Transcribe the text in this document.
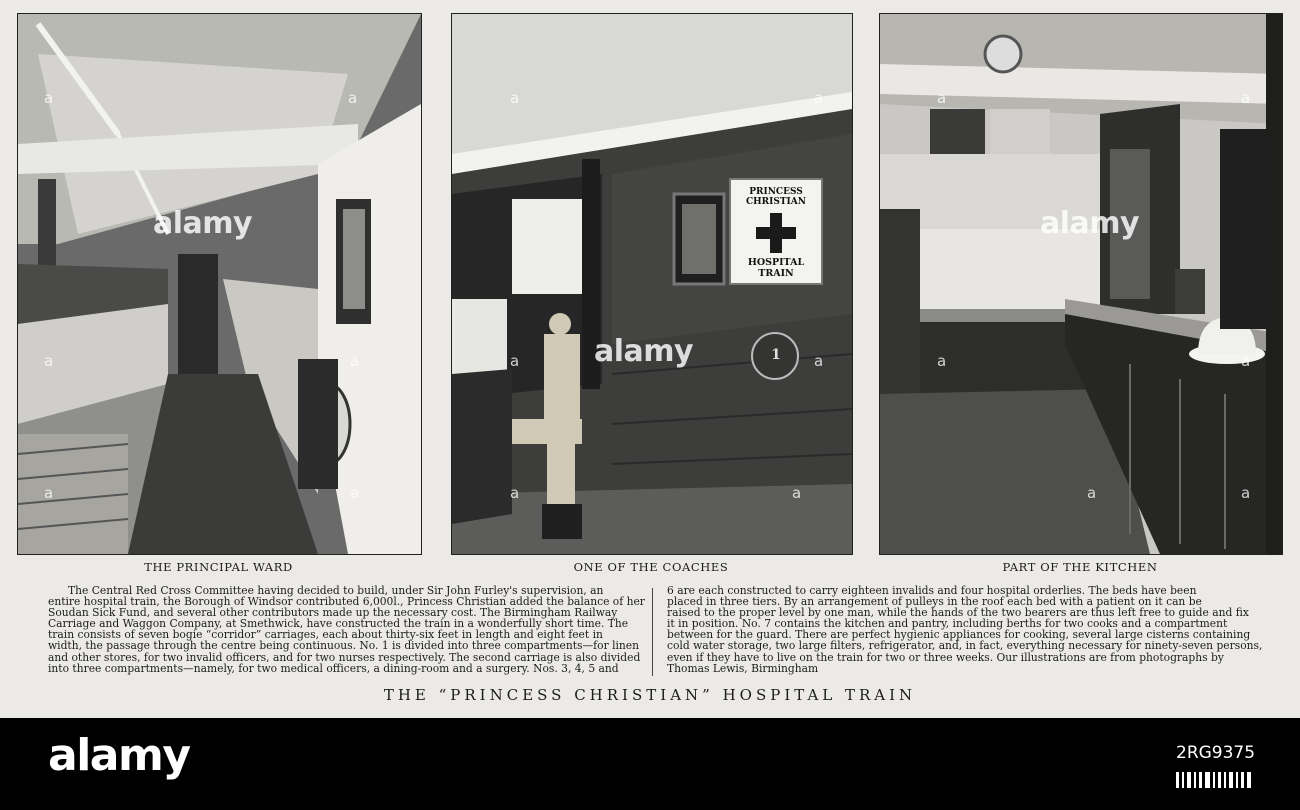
a	a
alamy
a	a
a	a
PRINCESS CHRISTIAN
HOSPITAL TRAIN
1
a	a
alamy
a	a
a	a
a	a
alamy
a	a
a	a
THE PRINCIPAL WARD	ONE OF THE COACHES	PART OF THE KITCHEN
The Central Red Cross Committee having decided to build, under Sir John Furley's supervision, an
entire hospital train, the Borough of Windsor contributed 6,000l., Princess Christian added the balance of her
Soudan Sick Fund, and several other contributors made up the necessary cost. The Birmingham Railway
Carriage and Waggon Company, at Smethwick, have constructed the train in a wonderfully short time. The
train consists of seven bogie “corridor” carriages, each about thirty-six feet in length and eight feet in
width, the passage through the centre being continuous. No. 1 is divided into three compartments—for linen
and other stores, for two invalid officers, and for two nurses respectively. The second carriage is also divided
into three compartments—namely, for two medical officers, a dining-room and a surgery. Nos. 3, 4, 5 and
6 are each constructed to carry eighteen invalids and four hospital orderlies. The beds have been
placed in three tiers. By an arrangement of pulleys in the roof each bed with a patient on it can be
raised to the proper level by one man, while the hands of the two bearers are thus left free to guide and fix
it in position. No. 7 contains the kitchen and pantry, including berths for two cooks and a compartment
between for the guard. There are perfect hygienic appliances for cooking, several large cisterns containing
cold water storage, two large filters, refrigerator, and, in fact, everything necessary for ninety-seven persons,
even if they have to live on the train for two or three weeks. Our illustrations are from photographs by
Thomas Lewis, Birmingham
THE “PRINCESS CHRISTIAN” HOSPITAL TRAIN
alamy	2RG9375
